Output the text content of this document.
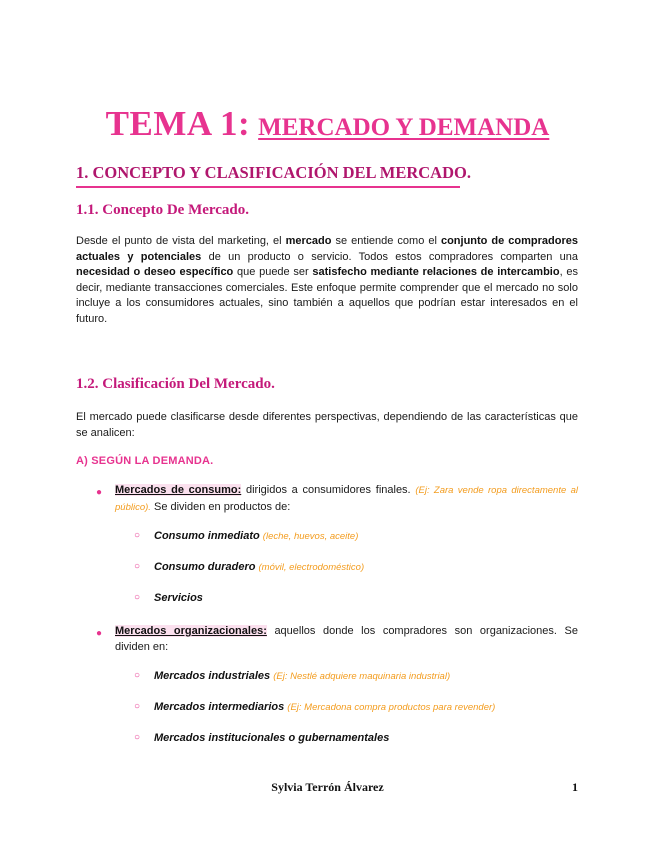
TEMA 1: MERCADO Y DEMANDA
1. CONCEPTO Y CLASIFICACIÓN DEL MERCADO.
1.1. Concepto De Mercado.
Desde el punto de vista del marketing, el mercado se entiende como el conjunto de compradores actuales y potenciales de un producto o servicio. Todos estos compradores comparten una necesidad o deseo específico que puede ser satisfecho mediante relaciones de intercambio, es decir, mediante transacciones comerciales. Este enfoque permite comprender que el mercado no solo incluye a los consumidores actuales, sino también a aquellos que podrían estar interesados en el futuro.
1.2. Clasificación Del Mercado.
El mercado puede clasificarse desde diferentes perspectivas, dependiendo de las características que se analicen:
A) SEGÚN LA DEMANDA.
● Mercados de consumo: dirigidos a consumidores finales. (Ej: Zara vende ropa directamente al público). Se dividen en productos de:
○ Consumo inmediato (leche, huevos, aceite)
○ Consumo duradero (móvil, electrodoméstico)
○ Servicios
● Mercados organizacionales: aquellos donde los compradores son organizaciones. Se dividen en:
○ Mercados industriales (Ej: Nestlé adquiere maquinaria industrial)
○ Mercados intermediarios (Ej: Mercadona compra productos para revender)
○ Mercados institucionales o gubernamentales
Sylvia Terrón Álvarez	1
